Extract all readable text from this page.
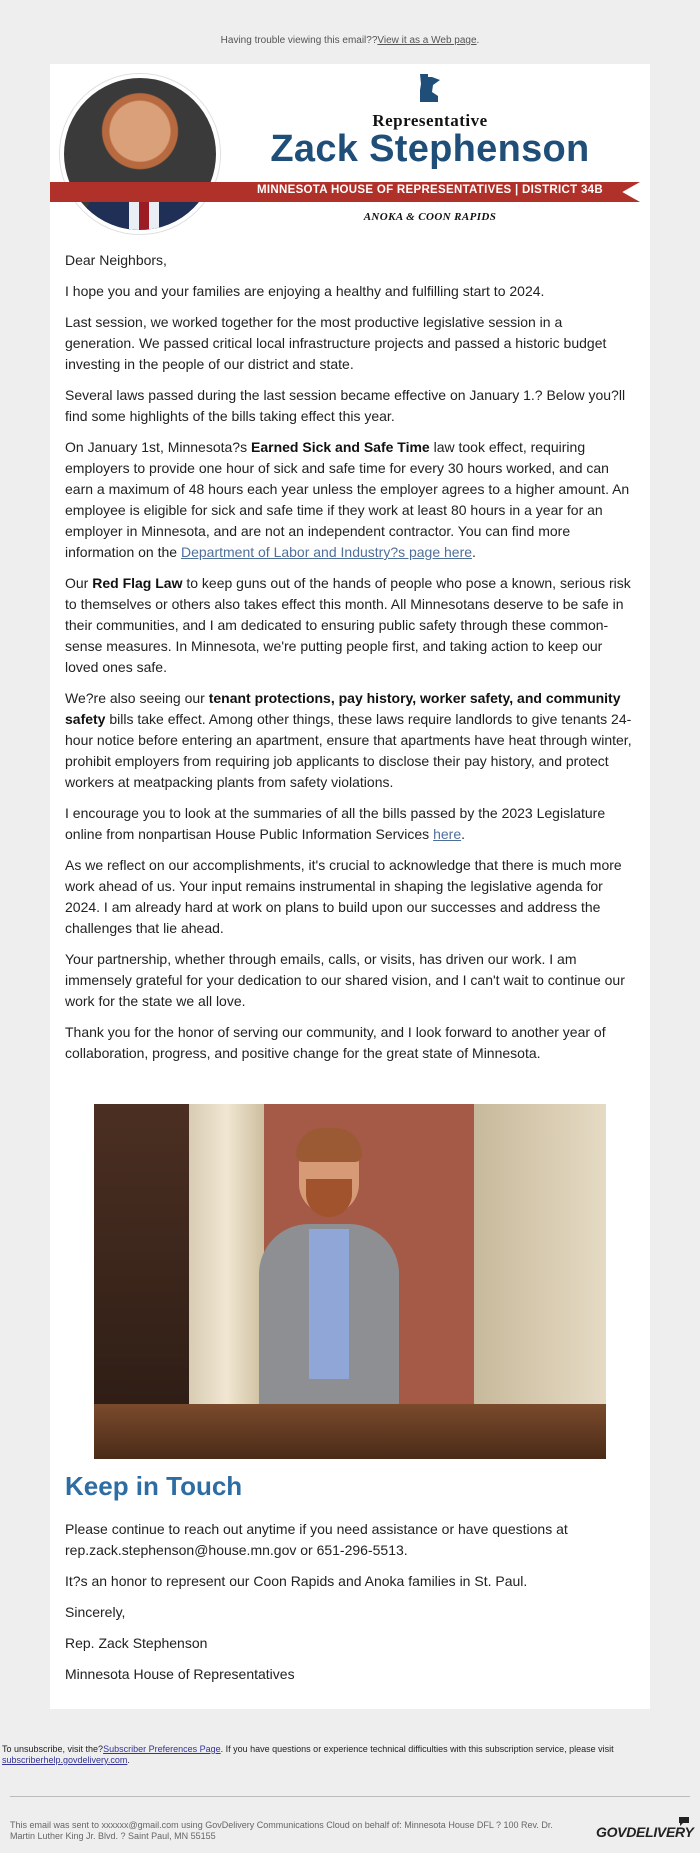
Having trouble viewing this email??View it as a Web page.
Representative
Zack Stephenson
MINNESOTA HOUSE OF REPRESENTATIVES | DISTRICT 34B
ANOKA & COON RAPIDS

Dear Neighbors,

I hope you and your families are enjoying a healthy and fulfilling start to 2024.

Last session, we worked together for the most productive legislative session in a generation. We passed critical local infrastructure projects and passed a historic budget investing in the people of our district and state.

Several laws passed during the last session became effective on January 1.? Below you?ll find some highlights of the bills taking effect this year.

On January 1st, Minnesota?s Earned Sick and Safe Time law took effect, requiring employers to provide one hour of sick and safe time for every 30 hours worked, and can earn a maximum of 48 hours each year unless the employer agrees to a higher amount. An employee is eligible for sick and safe time if they work at least 80 hours in a year for an employer in Minnesota, and are not an independent contractor. You can find more information on the Department of Labor and Industry?s page here.

Our Red Flag Law to keep guns out of the hands of people who pose a known, serious risk to themselves or others also takes effect this month. All Minnesotans deserve to be safe in their communities, and I am dedicated to ensuring public safety through these common-sense measures. In Minnesota, we're putting people first, and taking action to keep our loved ones safe.

We?re also seeing our tenant protections, pay history, worker safety, and community safety bills take effect. Among other things, these laws require landlords to give tenants 24-hour notice before entering an apartment, ensure that apartments have heat through winter, prohibit employers from requiring job applicants to disclose their pay history, and protect workers at meatpacking plants from safety violations.

I encourage you to look at the summaries of all the bills passed by the 2023 Legislature online from nonpartisan House Public Information Services here.

As we reflect on our accomplishments, it's crucial to acknowledge that there is much more work ahead of us. Your input remains instrumental in shaping the legislative agenda for 2024. I am already hard at work on plans to build upon our successes and address the challenges that lie ahead.

Your partnership, whether through emails, calls, or visits, has driven our work. I am immensely grateful for your dedication to our shared vision, and I can't wait to continue our work for the state we all love.

Thank you for the honor of serving our community, and I look forward to another year of collaboration, progress, and positive change for the great state of Minnesota.

Keep in Touch

Please continue to reach out anytime if you need assistance or have questions at rep.zack.stephenson@house.mn.gov or 651-296-5513.

It?s an honor to represent our Coon Rapids and Anoka families in St. Paul.

Sincerely,

Rep. Zack Stephenson

Minnesota House of Representatives

To unsubscribe, visit the?Subscriber Preferences Page. If you have questions or experience technical difficulties with this subscription service, please visit subscriberhelp.govdelivery.com.
This email was sent to xxxxxx@gmail.com using GovDelivery Communications Cloud on behalf of: Minnesota House DFL ? 100 Rev. Dr. Martin Luther King Jr. Blvd. ? Saint Paul, MN 55155	GOVDELIVERY
